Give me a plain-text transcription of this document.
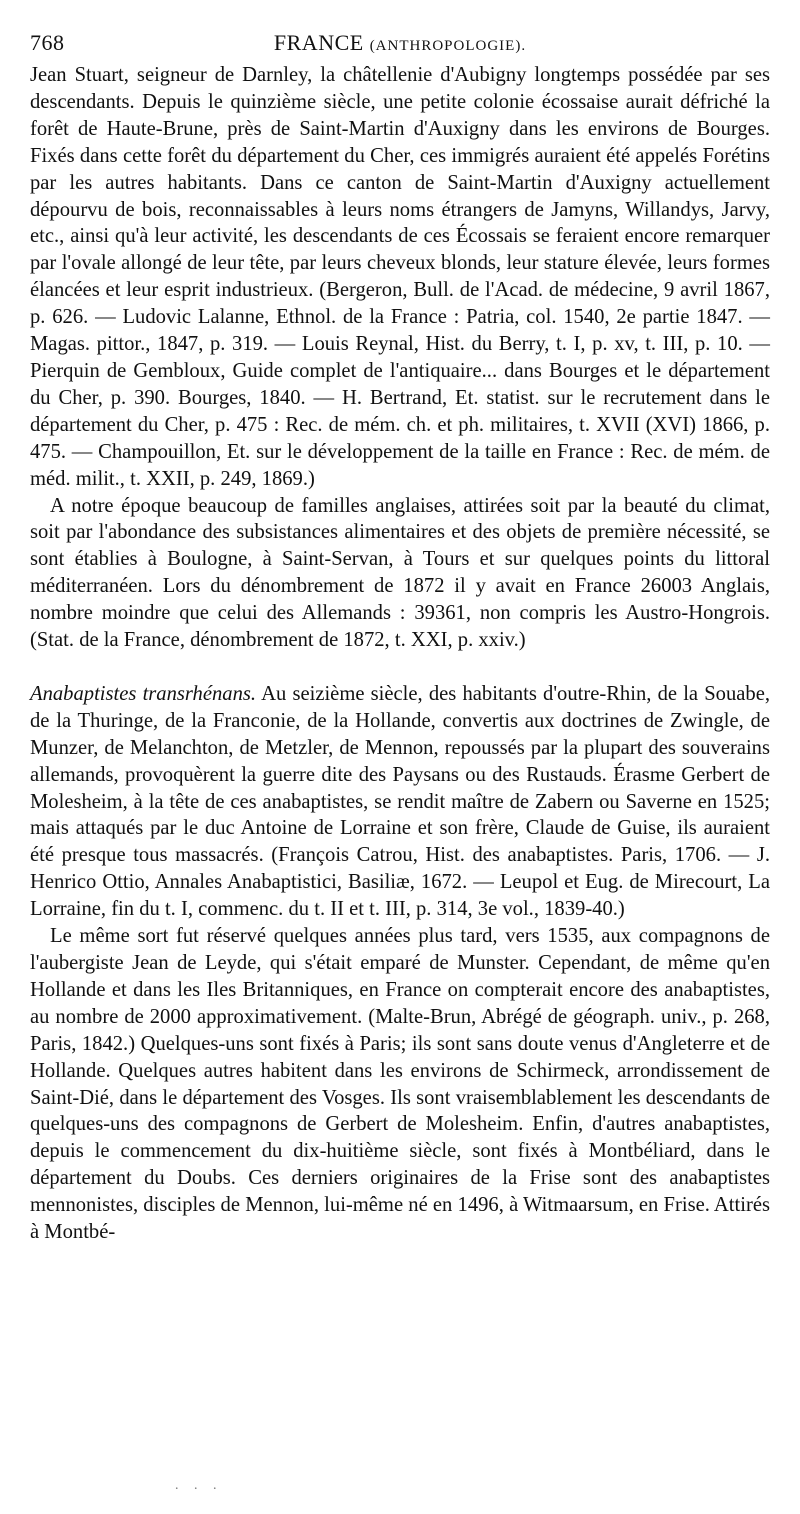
768	FRANCE (ANTHROPOLOGIE).

Jean Stuart, seigneur de Darnley, la châtellenie d'Aubigny longtemps possédée par ses descendants. Depuis le quinzième siècle, une petite colonie écossaise aurait défriché la forêt de Haute-Brune, près de Saint-Martin d'Auxigny dans les environs de Bourges. Fixés dans cette forêt du département du Cher, ces immigrés auraient été appelés Forétins par les autres habitants. Dans ce canton de Saint-Martin d'Auxigny actuellement dépourvu de bois, reconnaissables à leurs noms étrangers de Jamyns, Willandys, Jarvy, etc., ainsi qu'à leur activité, les descendants de ces Écossais se feraient encore remarquer par l'ovale allongé de leur tête, par leurs cheveux blonds, leur stature élevée, leurs formes élancées et leur esprit industrieux. (Bergeron, Bull. de l'Acad. de médecine, 9 avril 1867, p. 626. — Ludovic Lalanne, Ethnol. de la France : Patria, col. 1540, 2e partie 1847. — Magas. pittor., 1847, p. 319. — Louis Reynal, Hist. du Berry, t. I, p. xv, t. III, p. 10. — Pierquin de Gembloux, Guide complet de l'antiquaire... dans Bourges et le département du Cher, p. 390. Bourges, 1840. — H. Bertrand, Et. statist. sur le recrutement dans le département du Cher, p. 475 : Rec. de mém. ch. et ph. militaires, t. XVII (XVI) 1866, p. 475. — Champouillon, Et. sur le développement de la taille en France : Rec. de mém. de méd. milit., t. XXII, p. 249, 1869.)

A notre époque beaucoup de familles anglaises, attirées soit par la beauté du climat, soit par l'abondance des subsistances alimentaires et des objets de première nécessité, se sont établies à Boulogne, à Saint-Servan, à Tours et sur quelques points du littoral méditerranéen. Lors du dénombrement de 1872 il y avait en France 26003 Anglais, nombre moindre que celui des Allemands : 39361, non compris les Austro-Hongrois. (Stat. de la France, dénombrement de 1872, t. XXI, p. xxiv.)

Anabaptistes transrhénans. Au seizième siècle, des habitants d'outre-Rhin, de la Souabe, de la Thuringe, de la Franconie, de la Hollande, convertis aux doctrines de Zwingle, de Munzer, de Melanchton, de Metzler, de Mennon, repoussés par la plupart des souverains allemands, provoquèrent la guerre dite des Paysans ou des Rustauds. Érasme Gerbert de Molesheim, à la tête de ces anabaptistes, se rendit maître de Zabern ou Saverne en 1525; mais attaqués par le duc Antoine de Lorraine et son frère, Claude de Guise, ils auraient été presque tous massacrés. (François Catrou, Hist. des anabaptistes. Paris, 1706. — J. Henrico Ottio, Annales Anabaptistici, Basiliæ, 1672. — Leupol et Eug. de Mirecourt, La Lorraine, fin du t. I, commenc. du t. II et t. III, p. 314, 3e vol., 1839-40.)

Le même sort fut réservé quelques années plus tard, vers 1535, aux compagnons de l'aubergiste Jean de Leyde, qui s'était emparé de Munster. Cependant, de même qu'en Hollande et dans les Iles Britanniques, en France on compterait encore des anabaptistes, au nombre de 2000 approximativement. (Malte-Brun, Abrégé de géograph. univ., p. 268, Paris, 1842.) Quelques-uns sont fixés à Paris; ils sont sans doute venus d'Angleterre et de Hollande. Quelques autres habitent dans les environs de Schirmeck, arrondissement de Saint-Dié, dans le département des Vosges. Ils sont vraisemblablement les descendants de quelques-uns des compagnons de Gerbert de Molesheim. Enfin, d'autres anabaptistes, depuis le commencement du dix-huitième siècle, sont fixés à Montbéliard, dans le département du Doubs. Ces derniers originaires de la Frise sont des anabaptistes mennonistes, disciples de Mennon, lui-même né en 1496, à Witmaarsum, en Frise. Attirés à Montbé-

. . .
